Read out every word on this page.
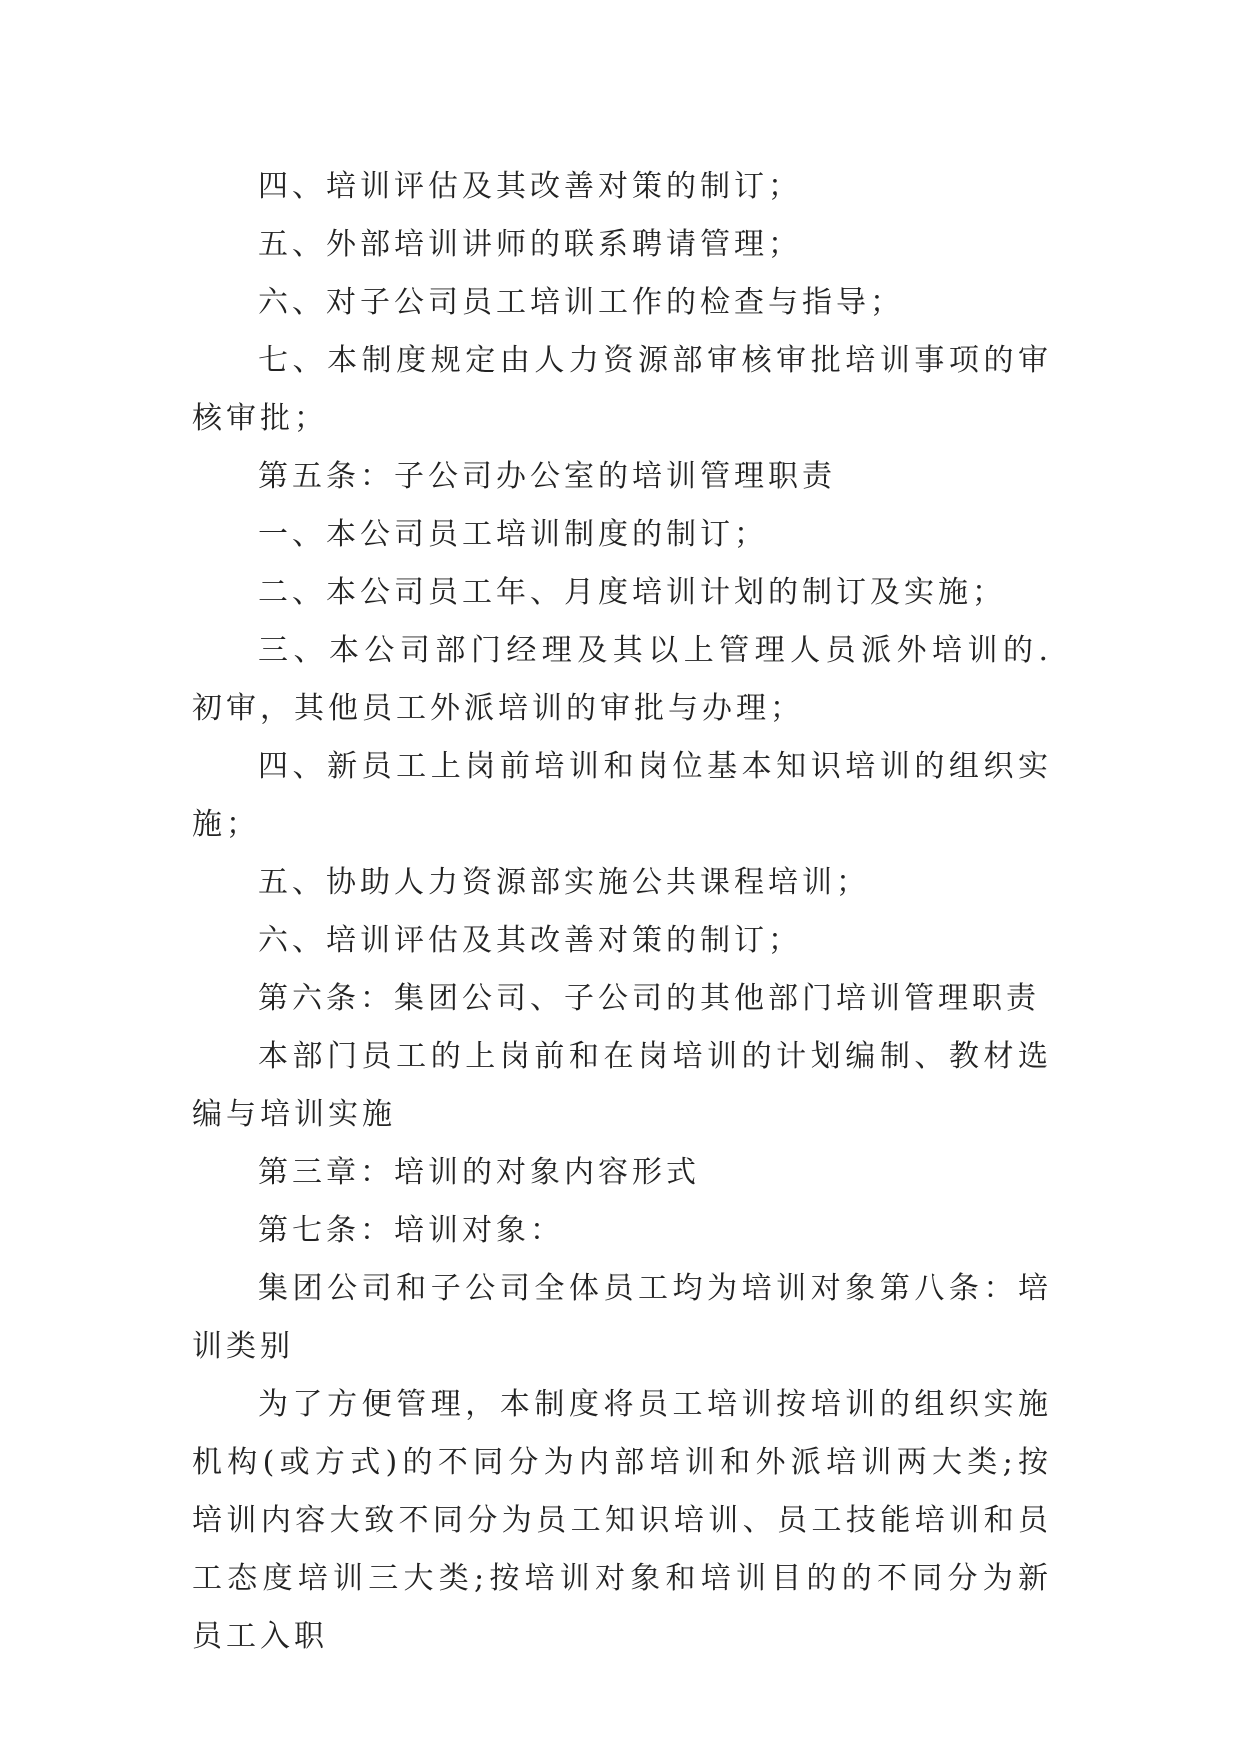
四、培训评估及其改善对策的制订；

五、外部培训讲师的联系聘请管理；

六、对子公司员工培训工作的检查与指导；

七、本制度规定由人力资源部审核审批培训事项的审核审批；

第五条：子公司办公室的培训管理职责

一、本公司员工培训制度的制订；

二、本公司员工年、月度培训计划的制订及实施；

三、本公司部门经理及其以上管理人员派外培训的.初审，其他员工外派培训的审批与办理；

四、新员工上岗前培训和岗位基本知识培训的组织实施；

五、协助人力资源部实施公共课程培训；

六、培训评估及其改善对策的制订；

第六条：集团公司、子公司的其他部门培训管理职责

本部门员工的上岗前和在岗培训的计划编制、教材选编与培训实施

第三章：培训的对象内容形式

第七条：培训对象：

集团公司和子公司全体员工均为培训对象第八条：培训类别

为了方便管理，本制度将员工培训按培训的组织实施机构(或方式)的不同分为内部培训和外派培训两大类;按培训内容大致不同分为员工知识培训、员工技能培训和员工态度培训三大类;按培训对象和培训目的的不同分为新员工入职
